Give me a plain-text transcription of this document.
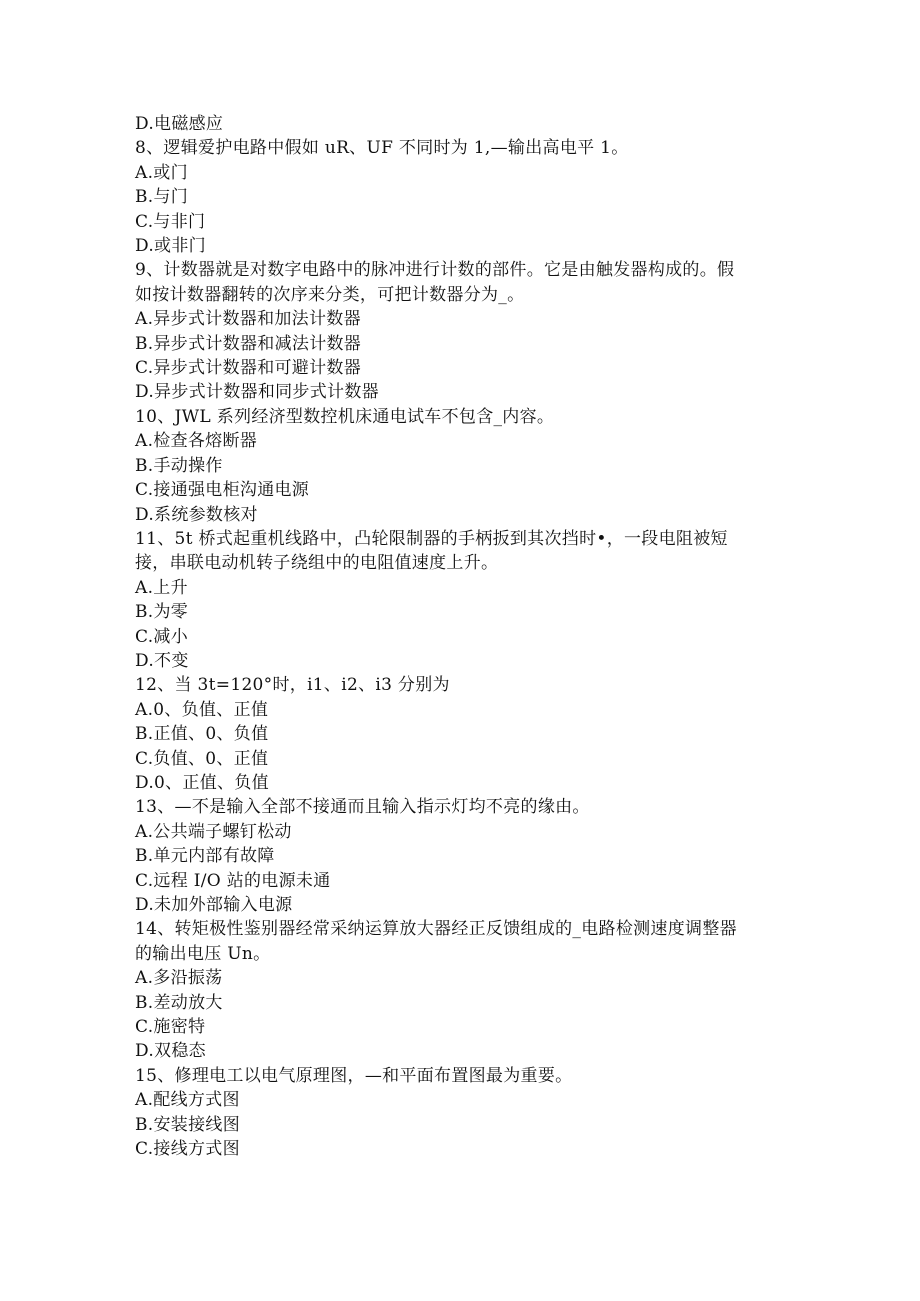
D.电磁感应
8、逻辑爱护电路中假如 uR、UF 不同时为 1,—输出高电平 1。
A.或门
B.与门
C.与非门
D.或非门
9、计数器就是对数字电路中的脉冲进行计数的部件。它是由触发器构成的。假
如按计数器翻转的次序来分类，可把计数器分为_。
A.异步式计数器和加法计数器
B.异步式计数器和减法计数器
C.异步式计数器和可避计数器
D.异步式计数器和同步式计数器
10、JWL 系列经济型数控机床通电试车不包含_内容。
A.检查各熔断器
B.手动操作
C.接通强电柜沟通电源
D.系统参数核对
11、5t 桥式起重机线路中，凸轮限制器的手柄扳到其次挡时•，一段电阻被短
接，串联电动机转子绕组中的电阻值速度上升。
A.上升
B.为零
C.减小
D.不变
12、当 3t=120°时，i1、i2、i3 分别为
A.0、负值、正值
B.正值、0、负值
C.负值、0、正值
D.0、正值、负值
13、—不是输入全部不接通而且输入指示灯均不亮的缘由。
A.公共端子螺钉松动
B.单元内部有故障
C.远程 I/O 站的电源未通
D.未加外部输入电源
14、转矩极性鉴别器经常采纳运算放大器经正反馈组成的_电路检测速度调整器
的输出电压 Un。
A.多沿振荡
B.差动放大
C.施密特
D.双稳态
15、修理电工以电气原理图，—和平面布置图最为重要。
A.配线方式图
B.安装接线图
C.接线方式图
